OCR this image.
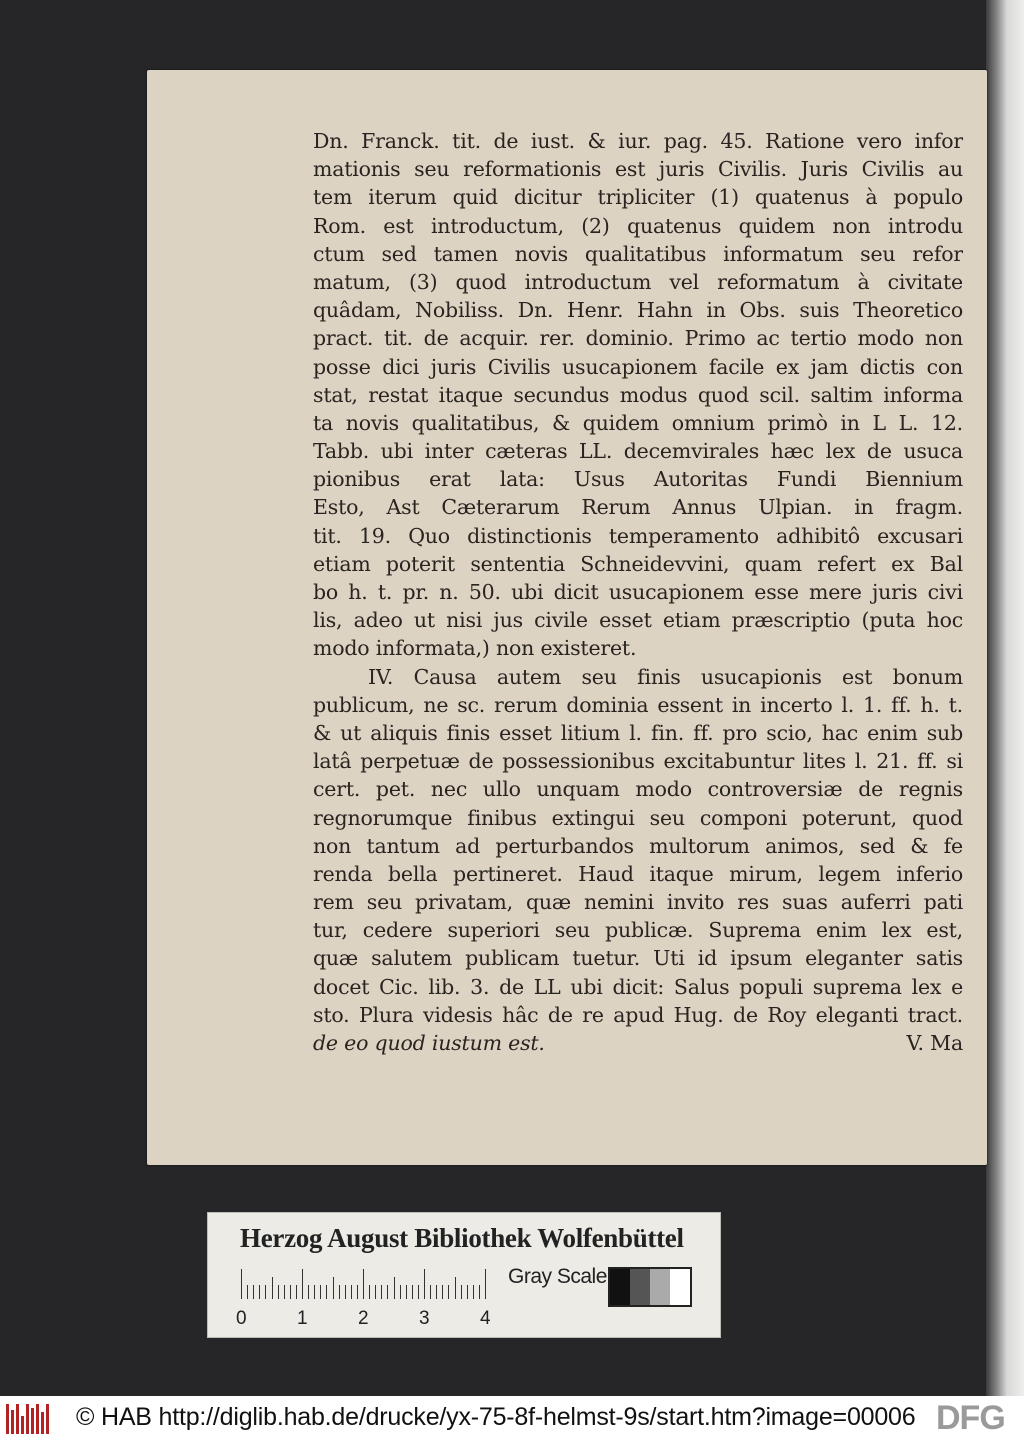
Dn. Franck. tit. de iust. & iur. pag. 45. Ratione vero infor
mationis seu reformationis est juris Civilis. Juris Civilis au
tem iterum quid dicitur tripliciter (1) quatenus à populo
Rom. est introductum, (2) quatenus quidem non introdu
ctum sed tamen novis qualitatibus informatum seu refor
matum, (3) quod introductum vel reformatum à civitate
quâdam, Nobiliss. Dn. Henr. Hahn in Obs. suis Theoretico
pract. tit. de acquir. rer. dominio. Primo ac tertio modo non
posse dici juris Civilis usucapionem facile ex jam dictis con
stat, restat itaque secundus modus quod scil. saltim informa
ta novis qualitatibus, & quidem omnium primò in L L. 12.
Tabb. ubi inter cæteras LL. decemvirales hæc lex de usuca
pionibus erat lata: Usus Autoritas Fundi Biennium
Esto, Ast Cæterarum Rerum Annus Ulpian. in fragm.
tit. 19. Quo distinctionis temperamento adhibitô excusari
etiam poterit sententia Schneidevvini, quam refert ex Bal
bo h. t. pr. n. 50. ubi dicit usucapionem esse mere juris civi
lis, adeo ut nisi jus civile esset etiam præscriptio (puta hoc
modo informata,) non existeret.
IV. Causa autem seu finis usucapionis est bonum
publicum, ne sc. rerum dominia essent in incerto l. 1. ff. h. t.
& ut aliquis finis esset litium l. fin. ff. pro scio, hac enim sub
latâ perpetuæ de possessionibus excitabuntur lites l. 21. ff. si
cert. pet. nec ullo unquam modo controversiæ de regnis
regnorumque finibus extingui seu componi poterunt, quod
non tantum ad perturbandos multorum animos, sed & fe
renda bella pertineret. Haud itaque mirum, legem inferio
rem seu privatam, quæ nemini invito res suas auferri pati
tur, cedere superiori seu publicæ. Suprema enim lex est,
quæ salutem publicam tuetur. Uti id ipsum eleganter satis
docet Cic. lib. 3. de LL ubi dicit: Salus populi suprema lex e
sto. Plura videsis hâc de re apud Hug. de Roy eleganti tract.
de eo quod iustum est.	V. Ma
Herzog August Bibliothek Wolfenbüttel
0	1	2	3	4
Gray Scale
© HAB http://diglib.hab.de/drucke/yx-75-8f-helmst-9s/start.htm?image=00006 DFG
